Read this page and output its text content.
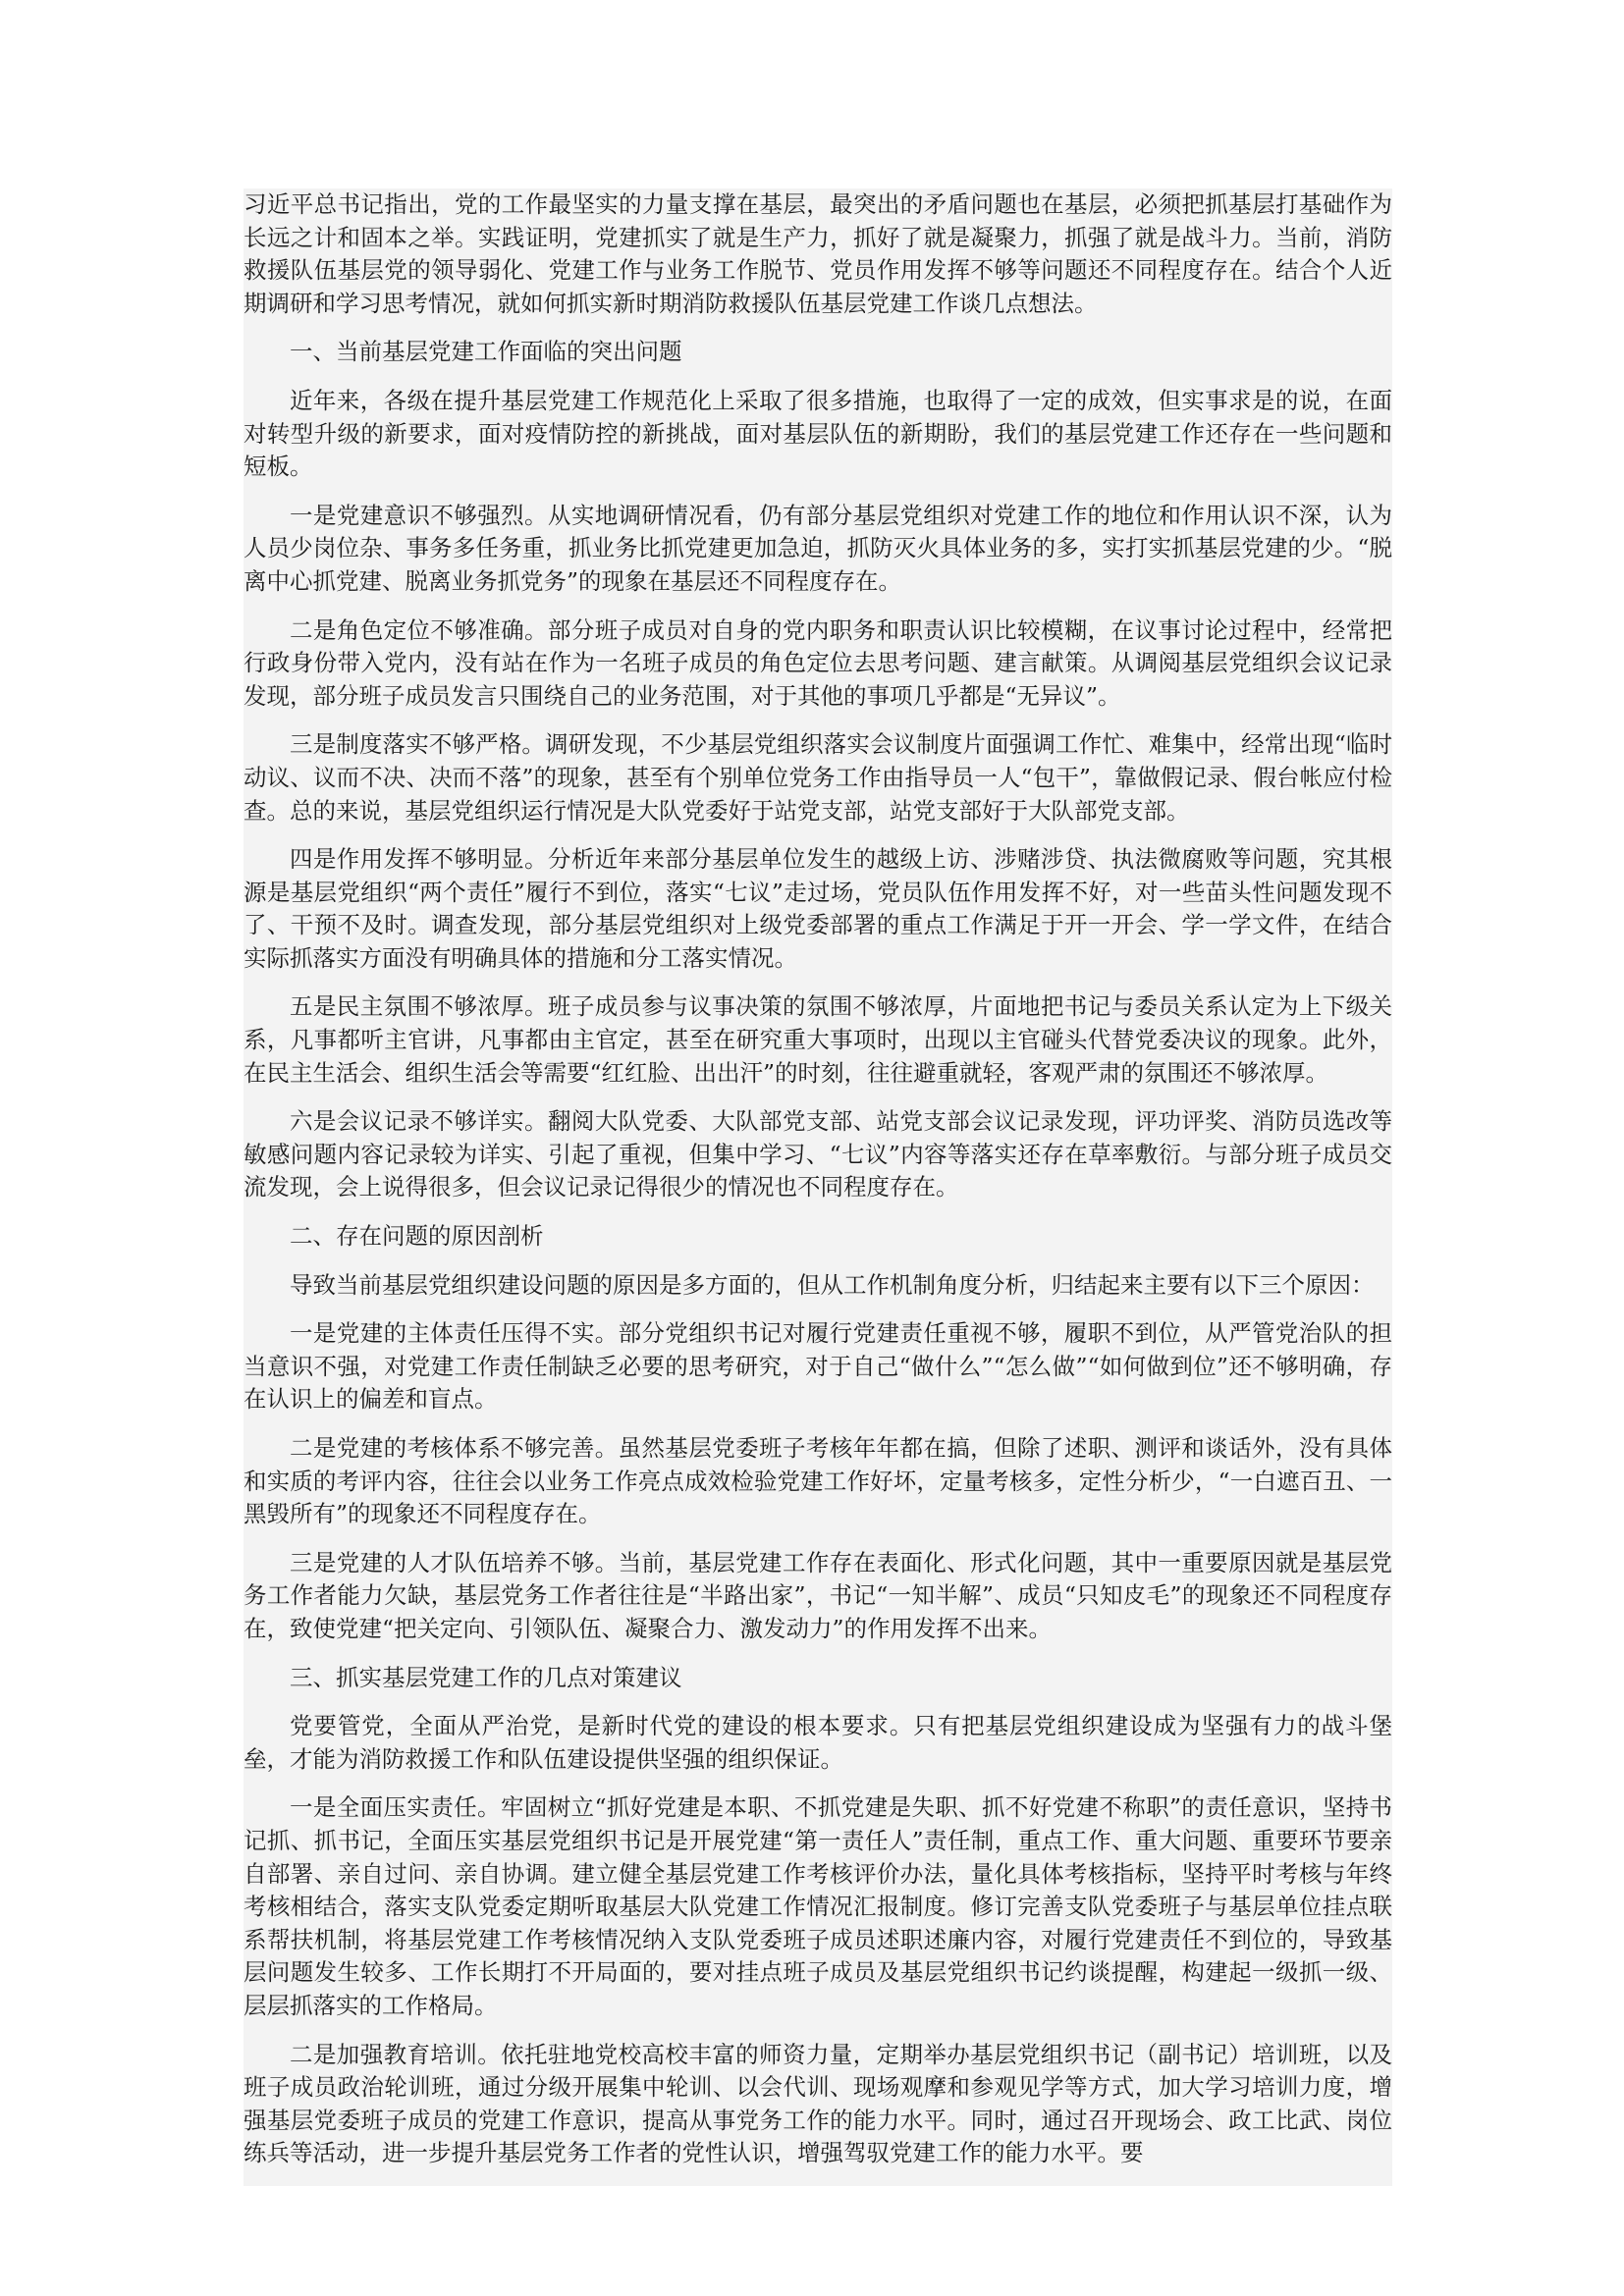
习近平总书记指出，党的工作最坚实的力量支撑在基层，最突出的矛盾问题也在基层，必须把抓基层打基础作为长远之计和固本之举。实践证明，党建抓实了就是生产力，抓好了就是凝聚力，抓强了就是战斗力。当前，消防救援队伍基层党的领导弱化、党建工作与业务工作脱节、党员作用发挥不够等问题还不同程度存在。结合个人近期调研和学习思考情况，就如何抓实新时期消防救援队伍基层党建工作谈几点想法。

一、当前基层党建工作面临的突出问题

近年来，各级在提升基层党建工作规范化上采取了很多措施，也取得了一定的成效，但实事求是的说，在面对转型升级的新要求，面对疫情防控的新挑战，面对基层队伍的新期盼，我们的基层党建工作还存在一些问题和短板。

一是党建意识不够强烈。从实地调研情况看，仍有部分基层党组织对党建工作的地位和作用认识不深，认为人员少岗位杂、事务多任务重，抓业务比抓党建更加急迫，抓防灭火具体业务的多，实打实抓基层党建的少。“脱离中心抓党建、脱离业务抓党务”的现象在基层还不同程度存在。

二是角色定位不够准确。部分班子成员对自身的党内职务和职责认识比较模糊，在议事讨论过程中，经常把行政身份带入党内，没有站在作为一名班子成员的角色定位去思考问题、建言献策。从调阅基层党组织会议记录发现，部分班子成员发言只围绕自己的业务范围，对于其他的事项几乎都是“无异议”。

三是制度落实不够严格。调研发现，不少基层党组织落实会议制度片面强调工作忙、难集中，经常出现“临时动议、议而不决、决而不落”的现象，甚至有个别单位党务工作由指导员一人“包干”，靠做假记录、假台帐应付检查。总的来说，基层党组织运行情况是大队党委好于站党支部，站党支部好于大队部党支部。

四是作用发挥不够明显。分析近年来部分基层单位发生的越级上访、涉赌涉贷、执法微腐败等问题，究其根源是基层党组织“两个责任”履行不到位，落实“七议”走过场，党员队伍作用发挥不好，对一些苗头性问题发现不了、干预不及时。调查发现，部分基层党组织对上级党委部署的重点工作满足于开一开会、学一学文件，在结合实际抓落实方面没有明确具体的措施和分工落实情况。

五是民主氛围不够浓厚。班子成员参与议事决策的氛围不够浓厚，片面地把书记与委员关系认定为上下级关系，凡事都听主官讲，凡事都由主官定，甚至在研究重大事项时，出现以主官碰头代替党委决议的现象。此外，在民主生活会、组织生活会等需要“红红脸、出出汗”的时刻，往往避重就轻，客观严肃的氛围还不够浓厚。

六是会议记录不够详实。翻阅大队党委、大队部党支部、站党支部会议记录发现，评功评奖、消防员选改等敏感问题内容记录较为详实、引起了重视，但集中学习、“七议”内容等落实还存在草率敷衍。与部分班子成员交流发现，会上说得很多，但会议记录记得很少的情况也不同程度存在。

二、存在问题的原因剖析

导致当前基层党组织建设问题的原因是多方面的，但从工作机制角度分析，归结起来主要有以下三个原因：

一是党建的主体责任压得不实。部分党组织书记对履行党建责任重视不够，履职不到位，从严管党治队的担当意识不强，对党建工作责任制缺乏必要的思考研究，对于自己“做什么”“怎么做”“如何做到位”还不够明确，存在认识上的偏差和盲点。

二是党建的考核体系不够完善。虽然基层党委班子考核年年都在搞，但除了述职、测评和谈话外，没有具体和实质的考评内容，往往会以业务工作亮点成效检验党建工作好坏，定量考核多，定性分析少，“一白遮百丑、一黑毁所有”的现象还不同程度存在。

三是党建的人才队伍培养不够。当前，基层党建工作存在表面化、形式化问题，其中一重要原因就是基层党务工作者能力欠缺，基层党务工作者往往是“半路出家”，书记“一知半解”、成员“只知皮毛”的现象还不同程度存在，致使党建“把关定向、引领队伍、凝聚合力、激发动力”的作用发挥不出来。

三、抓实基层党建工作的几点对策建议

党要管党，全面从严治党，是新时代党的建设的根本要求。只有把基层党组织建设成为坚强有力的战斗堡垒，才能为消防救援工作和队伍建设提供坚强的组织保证。

一是全面压实责任。牢固树立“抓好党建是本职、不抓党建是失职、抓不好党建不称职”的责任意识，坚持书记抓、抓书记，全面压实基层党组织书记是开展党建“第一责任人”责任制，重点工作、重大问题、重要环节要亲自部署、亲自过问、亲自协调。建立健全基层党建工作考核评价办法，量化具体考核指标，坚持平时考核与年终考核相结合，落实支队党委定期听取基层大队党建工作情况汇报制度。修订完善支队党委班子与基层单位挂点联系帮扶机制，将基层党建工作考核情况纳入支队党委班子成员述职述廉内容，对履行党建责任不到位的，导致基层问题发生较多、工作长期打不开局面的，要对挂点班子成员及基层党组织书记约谈提醒，构建起一级抓一级、层层抓落实的工作格局。

二是加强教育培训。依托驻地党校高校丰富的师资力量，定期举办基层党组织书记（副书记）培训班，以及班子成员政治轮训班，通过分级开展集中轮训、以会代训、现场观摩和参观见学等方式，加大学习培训力度，增强基层党委班子成员的党建工作意识，提高从事党务工作的能力水平。同时，通过召开现场会、政工比武、岗位练兵等活动，进一步提升基层党务工作者的党性认识，增强驾驭党建工作的能力水平。要
